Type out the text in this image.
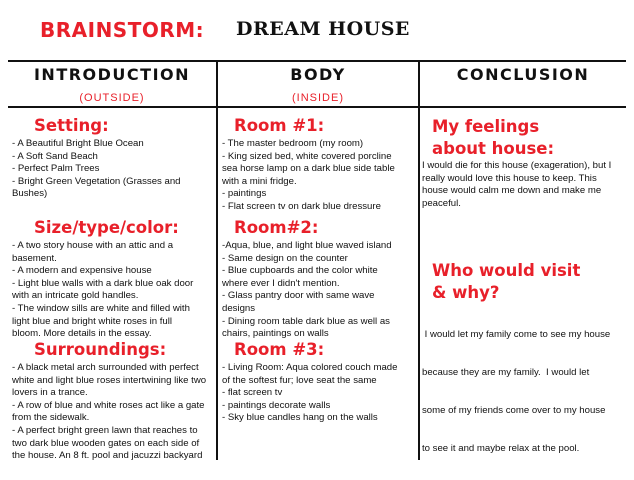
BRAINSTORM: DREAM HOUSE
INTRODUCTION
(OUTSIDE)
BODY
(INSIDE)
CONCLUSION
Setting:
- A Beautiful Bright Blue Ocean
- A Soft Sand Beach
- Perfect Palm Trees
- Bright Green Vegetation (Grasses and
Bushes)
Size/type/color:
- A two story house with an attic and a
basement.
- A modern and expensive house
- Light blue walls with a dark blue oak door
with an intricate gold handles.
- The window sills are white and filled with
light blue and bright white roses in full
bloom. More details in the essay.
Surroundings:
- A black metal arch surrounded with perfect
white and light blue roses intertwining like two
lovers in a trance.
- A row of blue and white roses act like a gate
from the sidewalk.
- A perfect bright green lawn that reaches to
two dark blue wooden gates on each side of
the house. An 8 ft. pool and jacuzzi backyard
Room #1:
- The master bedroom (my room)
- King sized bed, white covered porcline
sea horse lamp on a dark blue side table
with a mini fridge.
- paintings
- Flat screen tv on dark blue dressure
Room#2:
-Aqua, blue, and light blue waved island
- Same design on the counter
- Blue cupboards and the color white
where ever I didn't mention.
- Glass pantry door with same wave
designs
- Dining room table dark blue as well as
chairs, paintings on walls
Room #3:
- Living Room: Aqua colored couch made
of the softest fur; love seat the same
- flat screen tv
- paintings decorate walls
- Sky blue candles hang on the walls
My feelings
about house:
I would die for this house (exageration), but I
really would love this house to keep. This
house would calm me down and make me
peaceful.
Who would visit
& why?

I would let my family come to see my house

because they are my family.  I would let

some of my friends come over to my house

to see it and maybe relax at the pool.
